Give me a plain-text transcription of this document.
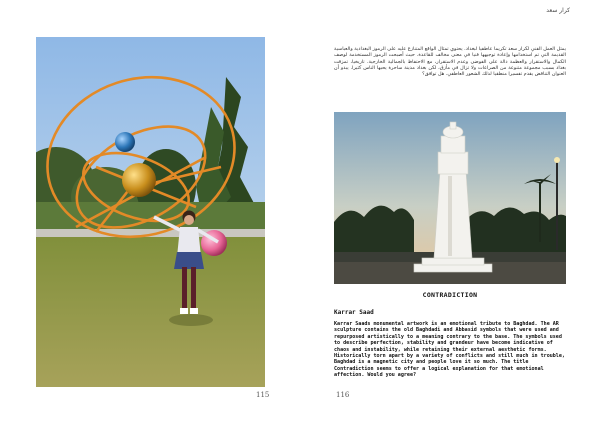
115
كرار سعد
يمثل العمل الفني لكرار سعد تكريما عاطفيا لبغداد. يحتوي تمثال الواقع المتنازع عليه على الرموز البغدادية والعباسية القديمة التي تم استخدامها وإعادة توجيهها فنيا في معنى مخالف للقاعدة. حيث أصبحت الرموز المستخدمة لوصف الكمال والاستقرار والعظمة دالة على الفوضى وعدم الاستقرار، مع الاحتفاظ بالجمالية الخارجية. تاريخيا، تمزقت بغداد بسبب مجموعة متنوعة من الصراعات ولا تزال في مأزق، لكن بغداد مدينة ساحرة يحبها الناس كثيرا. يبدو أن العنوان التناقض يقدم تفسيرا منطقيا لذلك الشعور العاطفي. هل توافق؟
CONTRADICTION
Karrar Saad
Karrar Saads monumental artwork is an emotional tribute to Baghdad. The AR sculpture contains the old Baghdadi and Abbasid symbols that were used and repurposed artistically to a meaning contrary to the base. The symbols used to describe perfection, stability and grandeur have become indicative of chaos and instability, while retaining their external aesthetic forms. Historically torn apart by a variety of conflicts and still much in trouble, Baghdad is a magnetic city and people love it so much. The title Contradiction seems to offer a logical explanation for that emotional affection. Would you agree?
116
